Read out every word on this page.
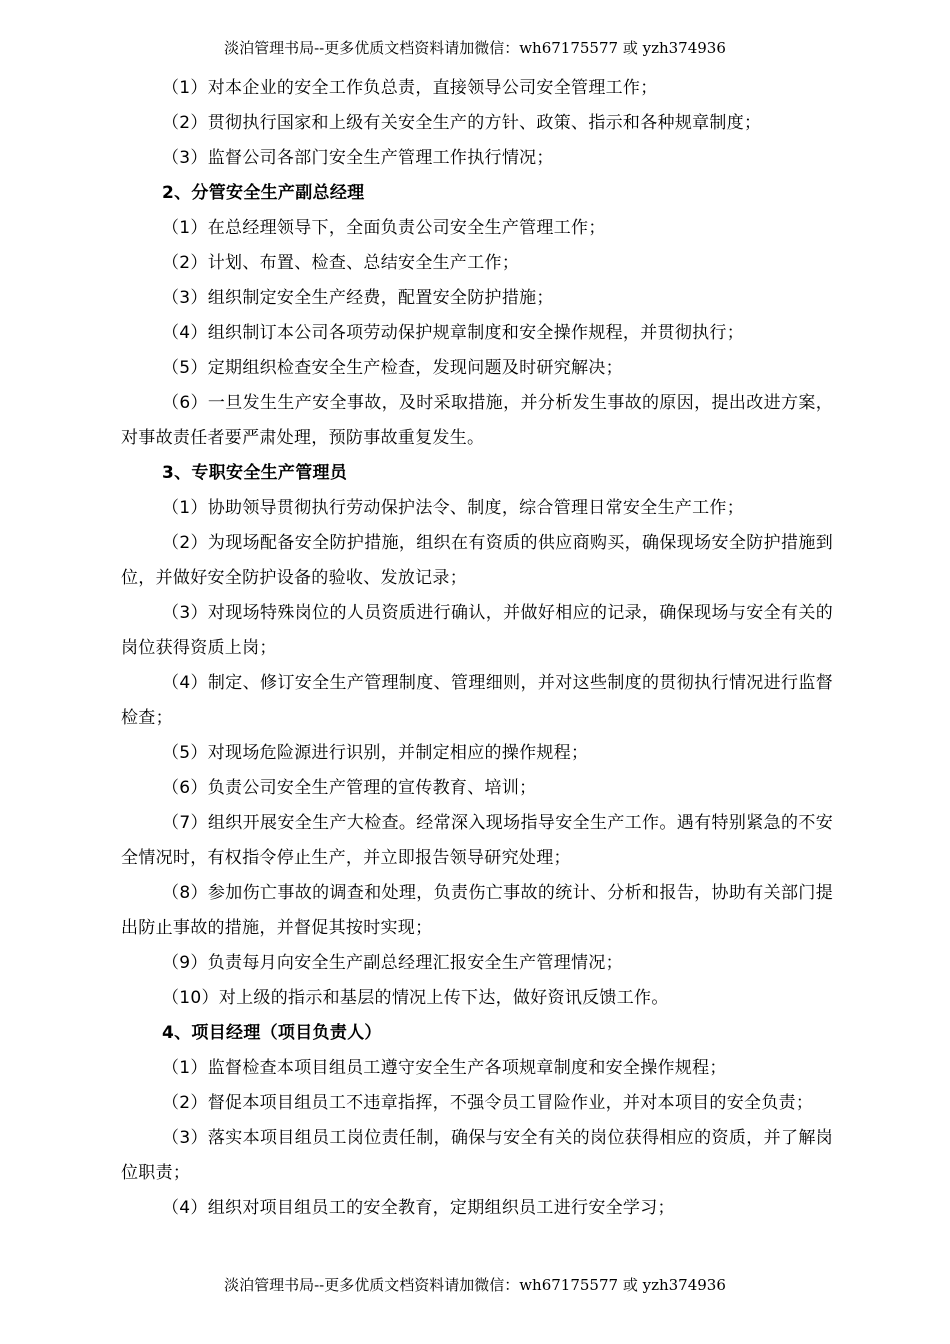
淡泊管理书局--更多优质文档资料请加微信：wh67175577 或 yzh374936

（1）对本企业的安全工作负总责，直接领导公司安全管理工作；

（2）贯彻执行国家和上级有关安全生产的方针、政策、指示和各种规章制度；

（3）监督公司各部门安全生产管理工作执行情况；

2、分管安全生产副总经理

（1）在总经理领导下，全面负责公司安全生产管理工作；

（2）计划、布置、检查、总结安全生产工作；

（3）组织制定安全生产经费，配置安全防护措施；

（4）组织制订本公司各项劳动保护规章制度和安全操作规程，并贯彻执行；

（5）定期组织检查安全生产检查，发现问题及时研究解决；

（6）一旦发生生产安全事故，及时采取措施，并分析发生事故的原因，提出改进方案，对事故责任者要严肃处理，预防事故重复发生。

3、专职安全生产管理员

（1）协助领导贯彻执行劳动保护法令、制度，综合管理日常安全生产工作；

（2）为现场配备安全防护措施，组织在有资质的供应商购买，确保现场安全防护措施到位，并做好安全防护设备的验收、发放记录；

（3）对现场特殊岗位的人员资质进行确认，并做好相应的记录，确保现场与安全有关的岗位获得资质上岗；

（4）制定、修订安全生产管理制度、管理细则，并对这些制度的贯彻执行情况进行监督检查；

（5）对现场危险源进行识别，并制定相应的操作规程；

（6）负责公司安全生产管理的宣传教育、培训；

（7）组织开展安全生产大检查。经常深入现场指导安全生产工作。遇有特别紧急的不安全情况时，有权指令停止生产，并立即报告领导研究处理；

（8）参加伤亡事故的调查和处理，负责伤亡事故的统计、分析和报告，协助有关部门提出防止事故的措施，并督促其按时实现；

（9）负责每月向安全生产副总经理汇报安全生产管理情况；

（10）对上级的指示和基层的情况上传下达，做好资讯反馈工作。

4、项目经理（项目负责人）

（1）监督检查本项目组员工遵守安全生产各项规章制度和安全操作规程；

（2）督促本项目组员工不违章指挥，不强令员工冒险作业，并对本项目的安全负责；

（3）落实本项目组员工岗位责任制，确保与安全有关的岗位获得相应的资质，并了解岗位职责；

（4）组织对项目组员工的安全教育，定期组织员工进行安全学习；

淡泊管理书局--更多优质文档资料请加微信：wh67175577 或 yzh374936
